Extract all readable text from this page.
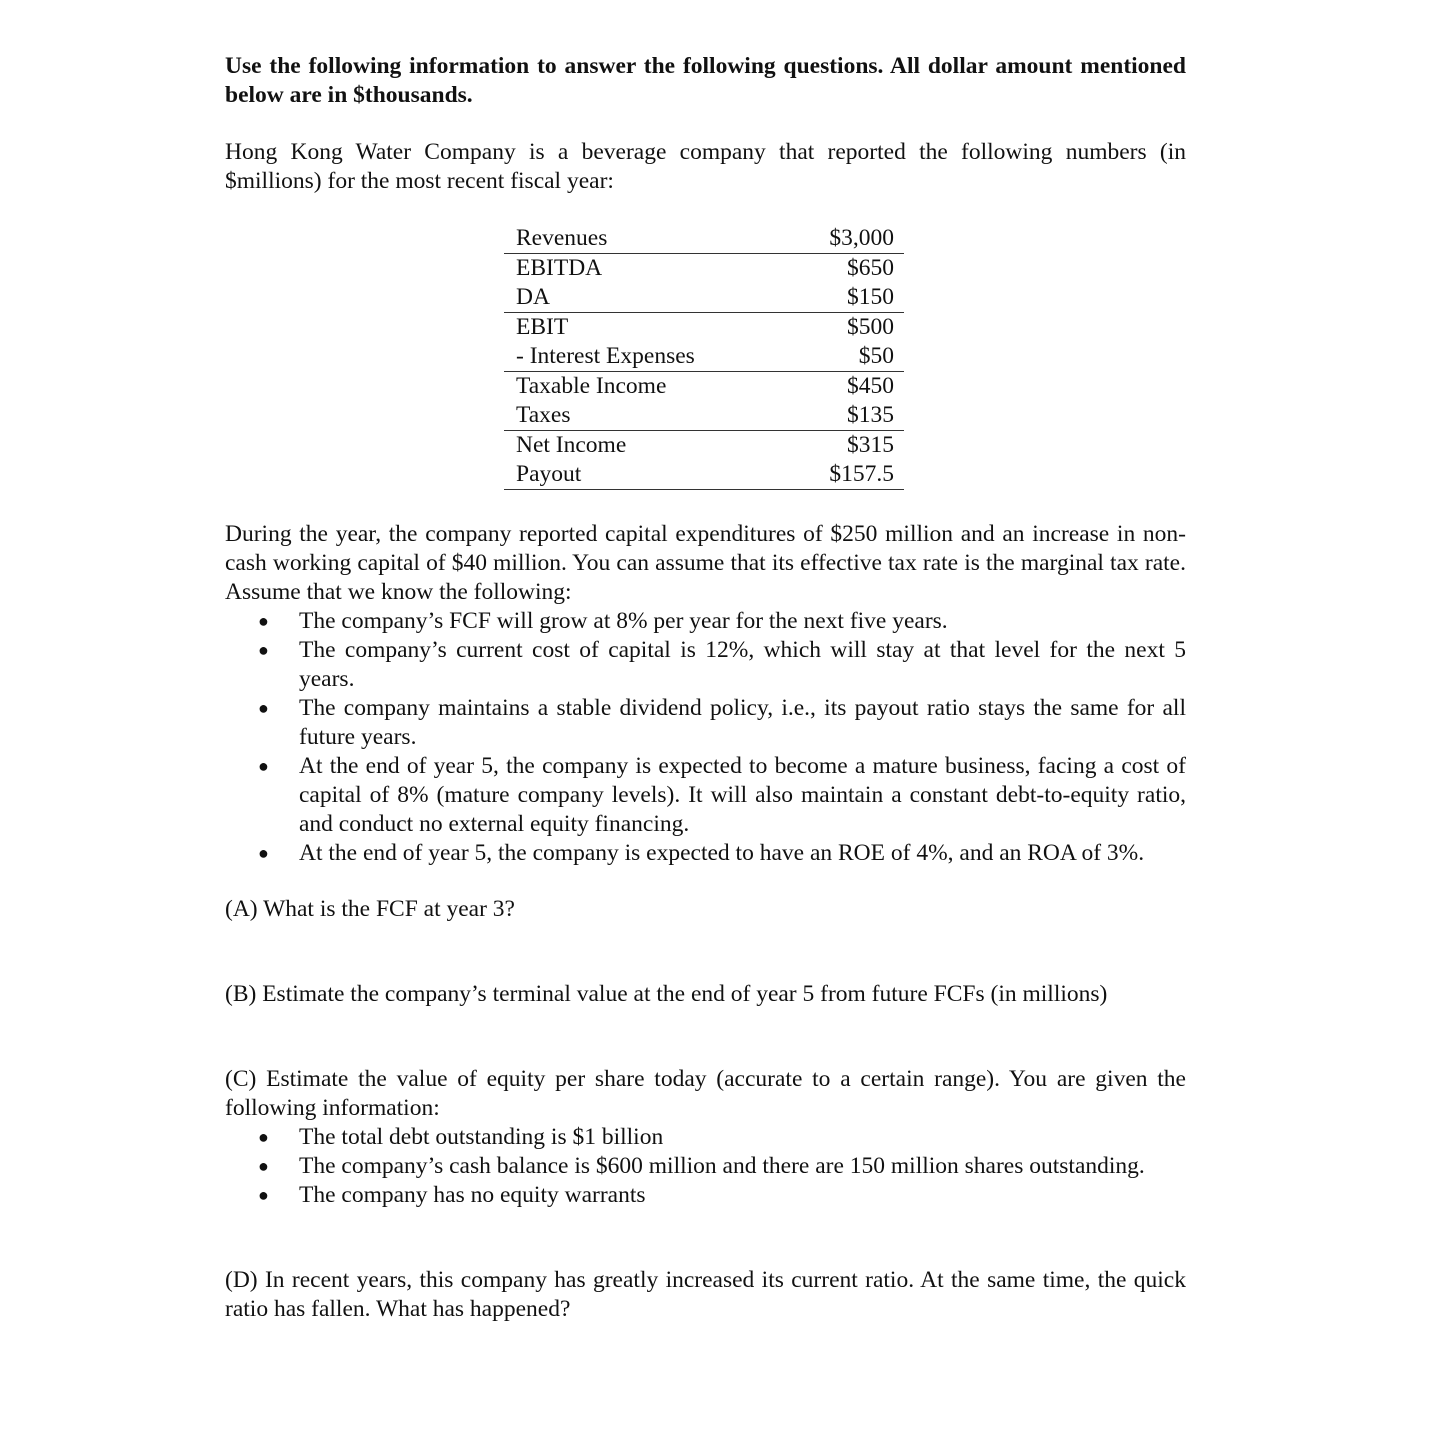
Use the following information to answer the following questions. All dollar amount mentioned below are in $thousands.

Hong Kong Water Company is a beverage company that reported the following numbers (in $millions) for the most recent fiscal year:

Revenues	$3,000
EBITDA	$650
DA	$150
EBIT	$500
- Interest Expenses	$50
Taxable Income	$450
Taxes	$135
Net Income	$315
Payout	$157.5

During the year, the company reported capital expenditures of $250 million and an increase in non-cash working capital of $40 million. You can assume that its effective tax rate is the marginal tax rate. Assume that we know the following:

● The company’s FCF will grow at 8% per year for the next five years.
● The company’s current cost of capital is 12%, which will stay at that level for the next 5 years.
● The company maintains a stable dividend policy, i.e., its payout ratio stays the same for all future years.
● At the end of year 5, the company is expected to become a mature business, facing a cost of capital of 8% (mature company levels). It will also maintain a constant debt-to-equity ratio, and conduct no external equity financing.
● At the end of year 5, the company is expected to have an ROE of 4%, and an ROA of 3%.

(A) What is the FCF at year 3?

(B) Estimate the company’s terminal value at the end of year 5 from future FCFs (in millions)

(C) Estimate the value of equity per share today (accurate to a certain range). You are given the following information:

● The total debt outstanding is $1 billion
● The company’s cash balance is $600 million and there are 150 million shares outstanding.
● The company has no equity warrants

(D) In recent years, this company has greatly increased its current ratio. At the same time, the quick ratio has fallen. What has happened?
